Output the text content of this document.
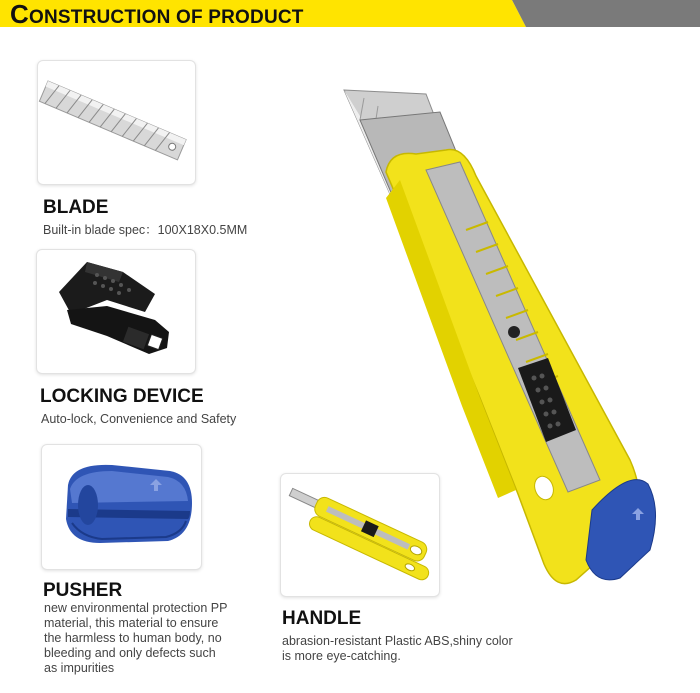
CONSTRUCTION OF PRODUCT
BLADE
Built-in blade spec：100X18X0.5MM
LOCKING DEVICE
Auto-lock, Convenience and Safety
PUSHER
new environmental protection PP
material, this material to ensure
the harmless to human body, no
bleeding and only defects such
as impurities
HANDLE
abrasion-resistant Plastic ABS,shiny color
is more eye-catching.
